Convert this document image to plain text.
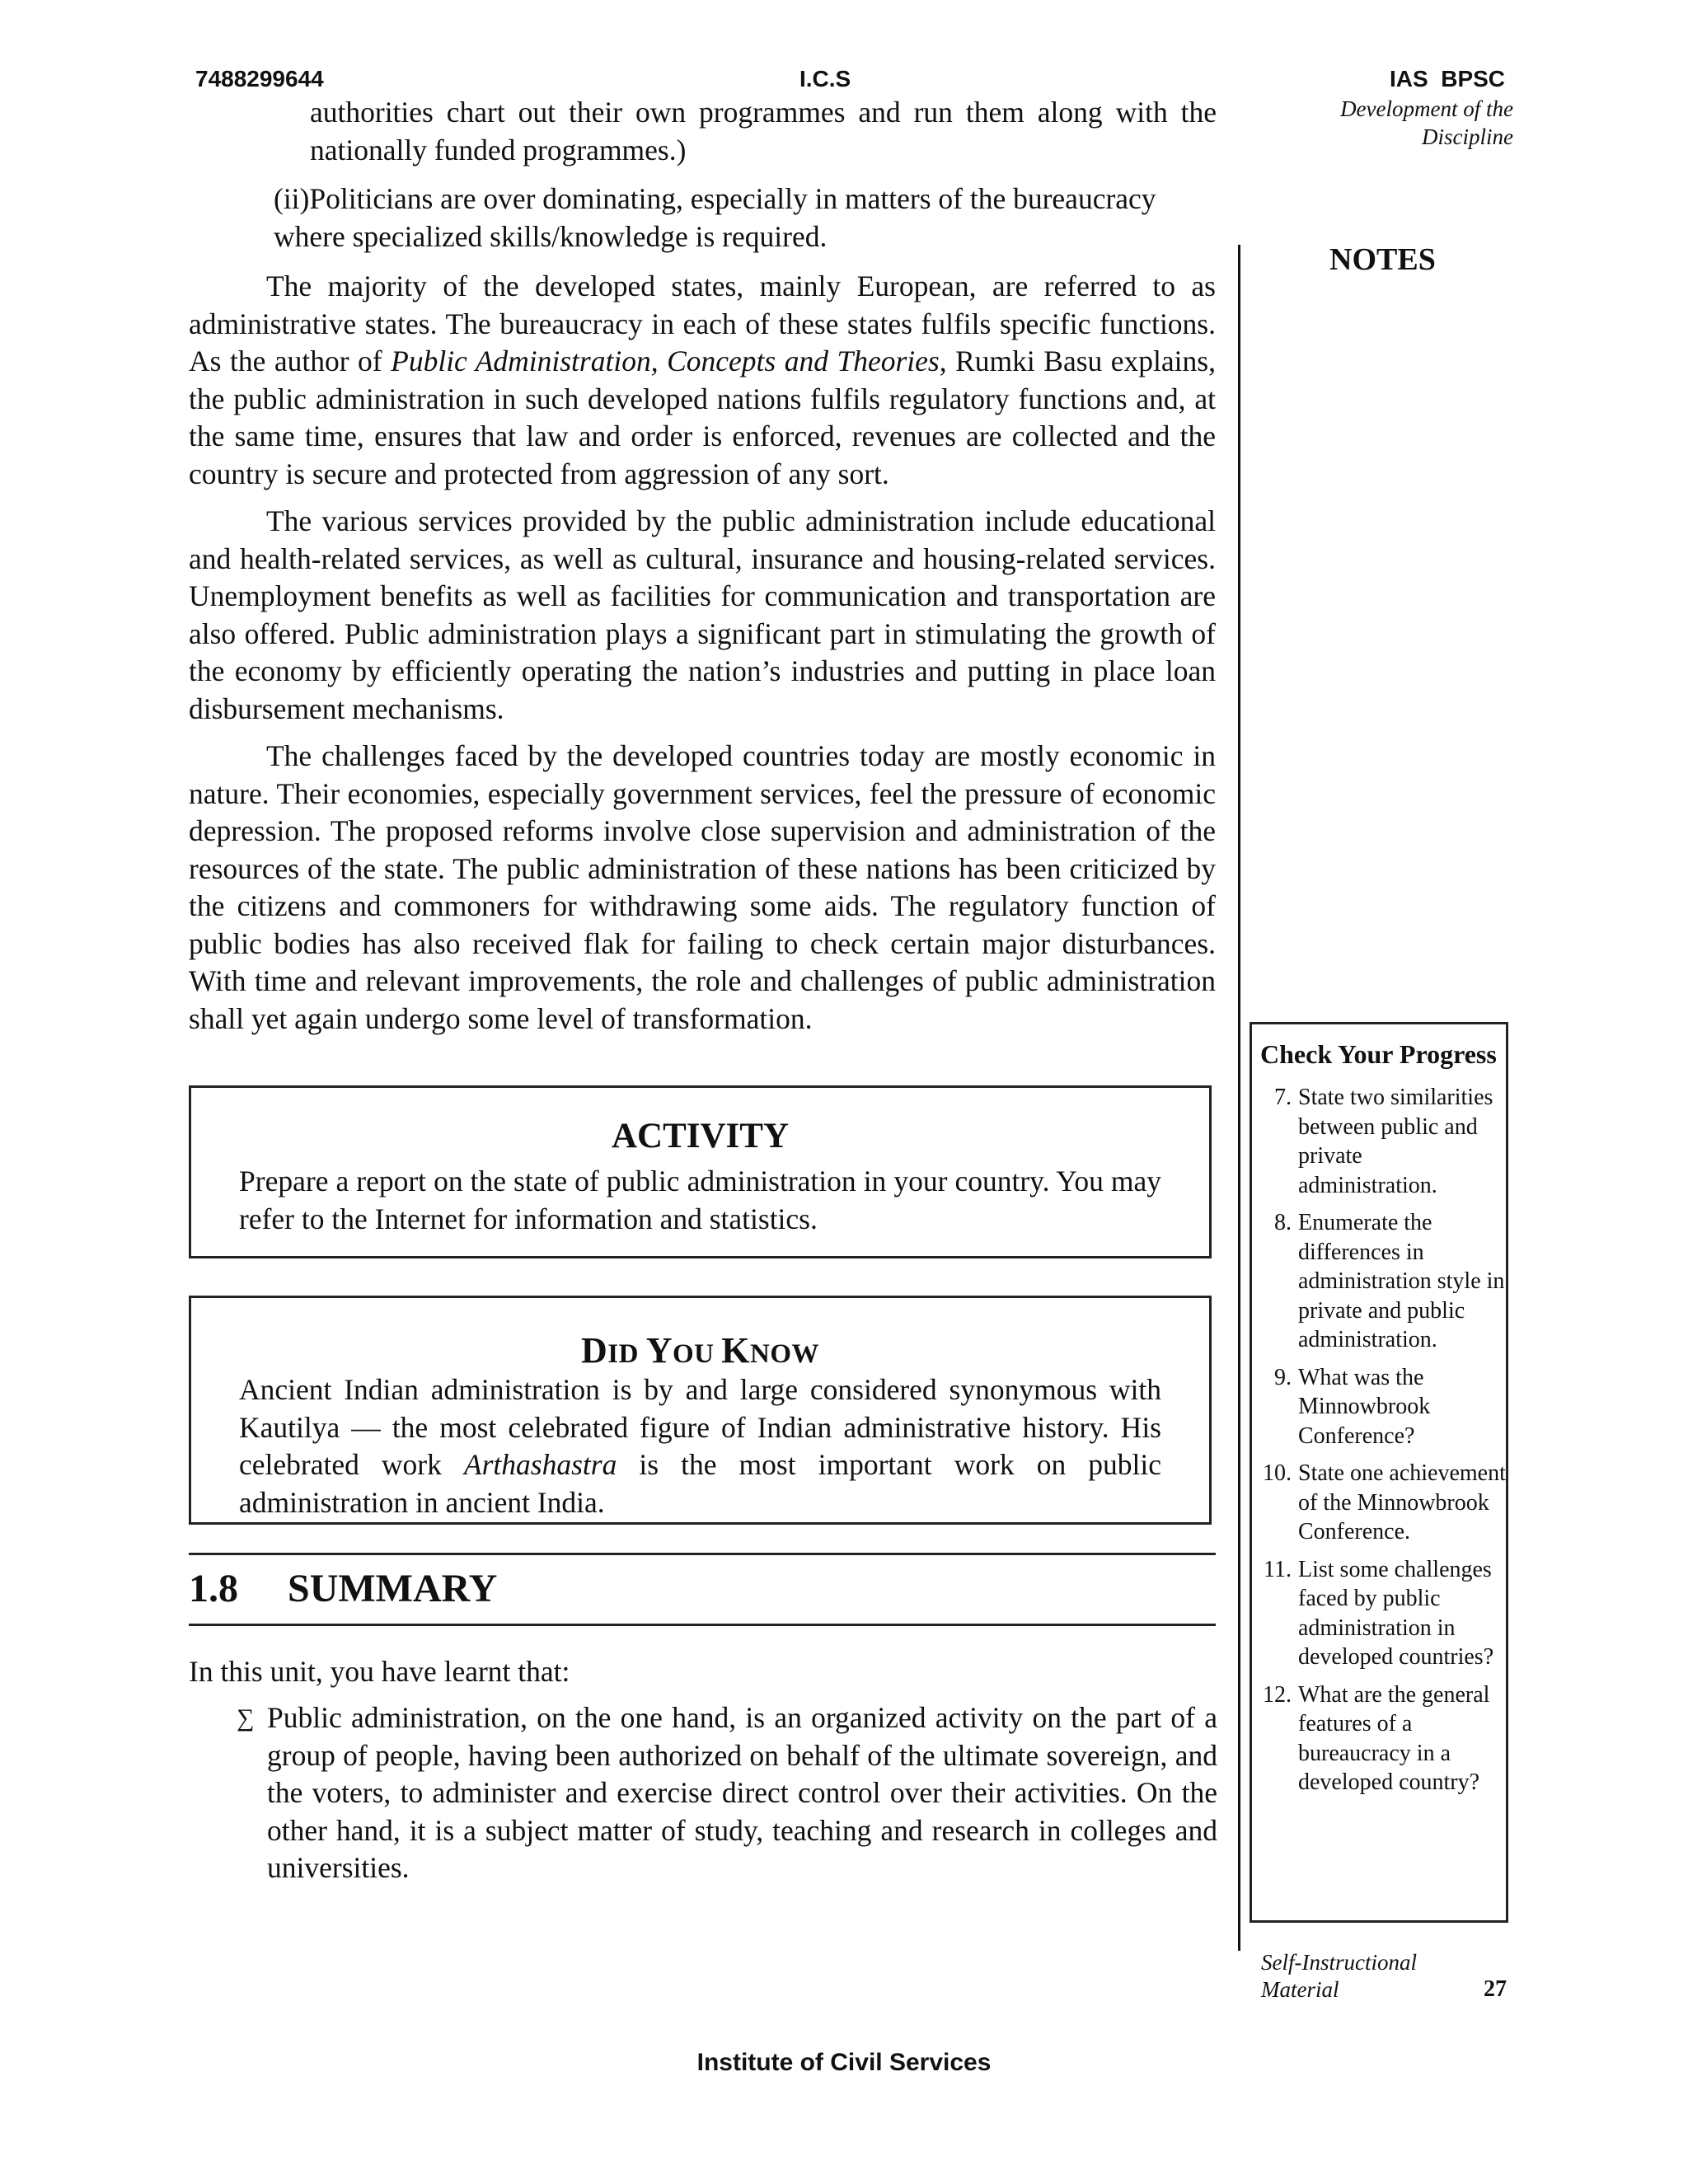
7488299644	I.C.S	IAS  BPSC
Development of the
Discipline
NOTES
authorities chart out their own programmes and run them along with the nationally funded programmes.)
(ii)Politicians are over dominating, especially in matters of the bureaucracy where specialized skills/knowledge is required.
The majority of the developed states, mainly European, are referred to as administrative states. The bureaucracy in each of these states fulfils specific functions. As the author of Public Administration, Concepts and Theories, Rumki Basu explains, the public administration in such developed nations fulfils regulatory functions and, at the same time, ensures that law and order is enforced, revenues are collected and the country is secure and protected from aggression of any sort.
The various services provided by the public administration include educational and health-related services, as well as cultural, insurance and housing-related services. Unemployment benefits as well as facilities for communication and transportation are also offered. Public administration plays a significant part in stimulating the growth of the economy by efficiently operating the nation’s industries and putting in place loan disbursement mechanisms.
The challenges faced by the developed countries today are mostly economic in nature. Their economies, especially government services, feel the pressure of economic depression. The proposed reforms involve close supervision and administration of the resources of the state. The public administration of these nations has been criticized by the citizens and commoners for withdrawing some aids. The regulatory function of public bodies has also received flak for failing to check certain major disturbances. With time and relevant improvements, the role and challenges of public administration shall yet again undergo some level of transformation.
ACTIVITY
Prepare a report on the state of public administration in your country. You may refer to the Internet for information and statistics.
DID YOU KNOW
Ancient Indian administration is by and large considered synonymous with Kautilya — the most celebrated figure of Indian administrative history. His celebrated work Arthashastra is the most important work on public administration in ancient India.
1.8 SUMMARY
In this unit, you have learnt that:
∑ Public administration, on the one hand, is an organized activity on the part of a group of people, having been authorized on behalf of the ultimate sovereign, and the voters, to administer and exercise direct control over their activities. On the other hand, it is a subject matter of study, teaching and research in colleges and universities.
Check Your Progress
7. State two similarities between public and private administration.
8. Enumerate the differences in administration style in private and public administration.
9. What was the Minnowbrook Conference?
10. State one achievement of the Minnowbrook Conference.
11. List some challenges faced by public administration in developed countries?
12. What are the general features of a bureaucracy in a developed country?
Self-Instructional
Material	27
Institute of Civil Services
